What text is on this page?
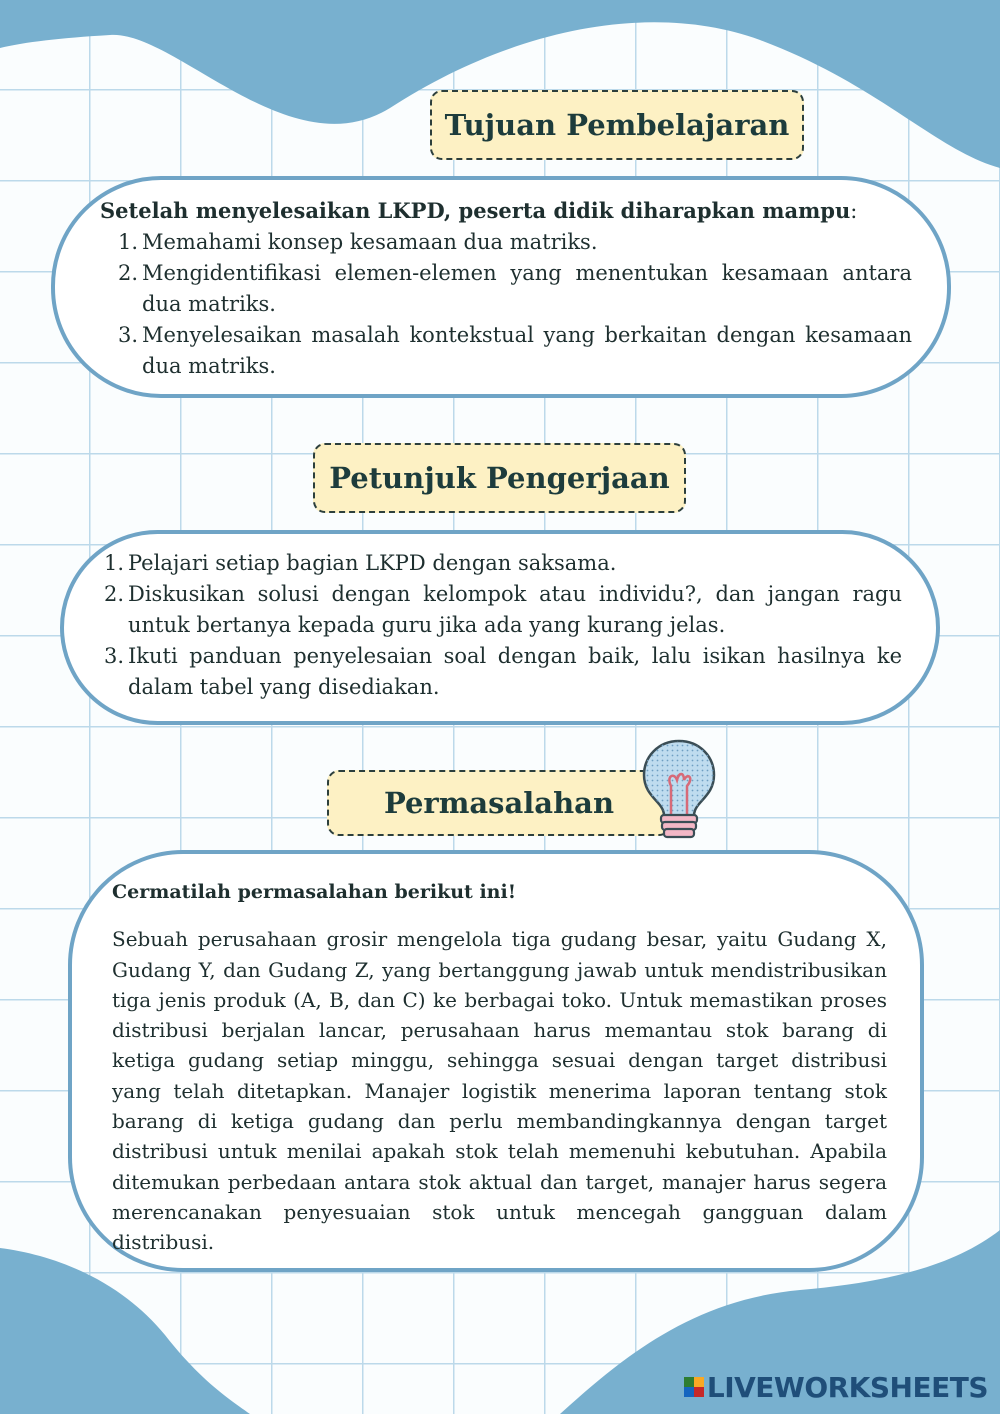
Tujuan Pembelajaran
Setelah menyelesaikan LKPD, peserta didik diharapkan mampu:
1. Memahami konsep kesamaan dua matriks.
2. Mengidentifikasi elemen-elemen yang menentukan kesamaan antara dua matriks.
3. Menyelesaikan masalah kontekstual yang berkaitan dengan kesamaan dua matriks.
Petunjuk Pengerjaan
1. Pelajari setiap bagian LKPD dengan saksama.
2. Diskusikan solusi dengan kelompok atau individu?, dan jangan ragu untuk bertanya kepada guru jika ada yang kurang jelas.
3. Ikuti panduan penyelesaian soal dengan baik, lalu isikan hasilnya ke dalam tabel yang disediakan.
Permasalahan
Cermatilah permasalahan berikut ini!
Sebuah perusahaan grosir mengelola tiga gudang besar, yaitu Gudang X, Gudang Y, dan Gudang Z, yang bertanggung jawab untuk mendistribusikan tiga jenis produk (A, B, dan C) ke berbagai toko. Untuk memastikan proses distribusi berjalan lancar, perusahaan harus memantau stok barang di ketiga gudang setiap minggu, sehingga sesuai dengan target distribusi yang telah ditetapkan. Manajer logistik menerima laporan tentang stok barang di ketiga gudang dan perlu membandingkannya dengan target distribusi untuk menilai apakah stok telah memenuhi kebutuhan. Apabila ditemukan perbedaan antara stok aktual dan target, manajer harus segera merencanakan penyesuaian stok untuk mencegah gangguan dalam distribusi.
LIVEWORKSHEETS
